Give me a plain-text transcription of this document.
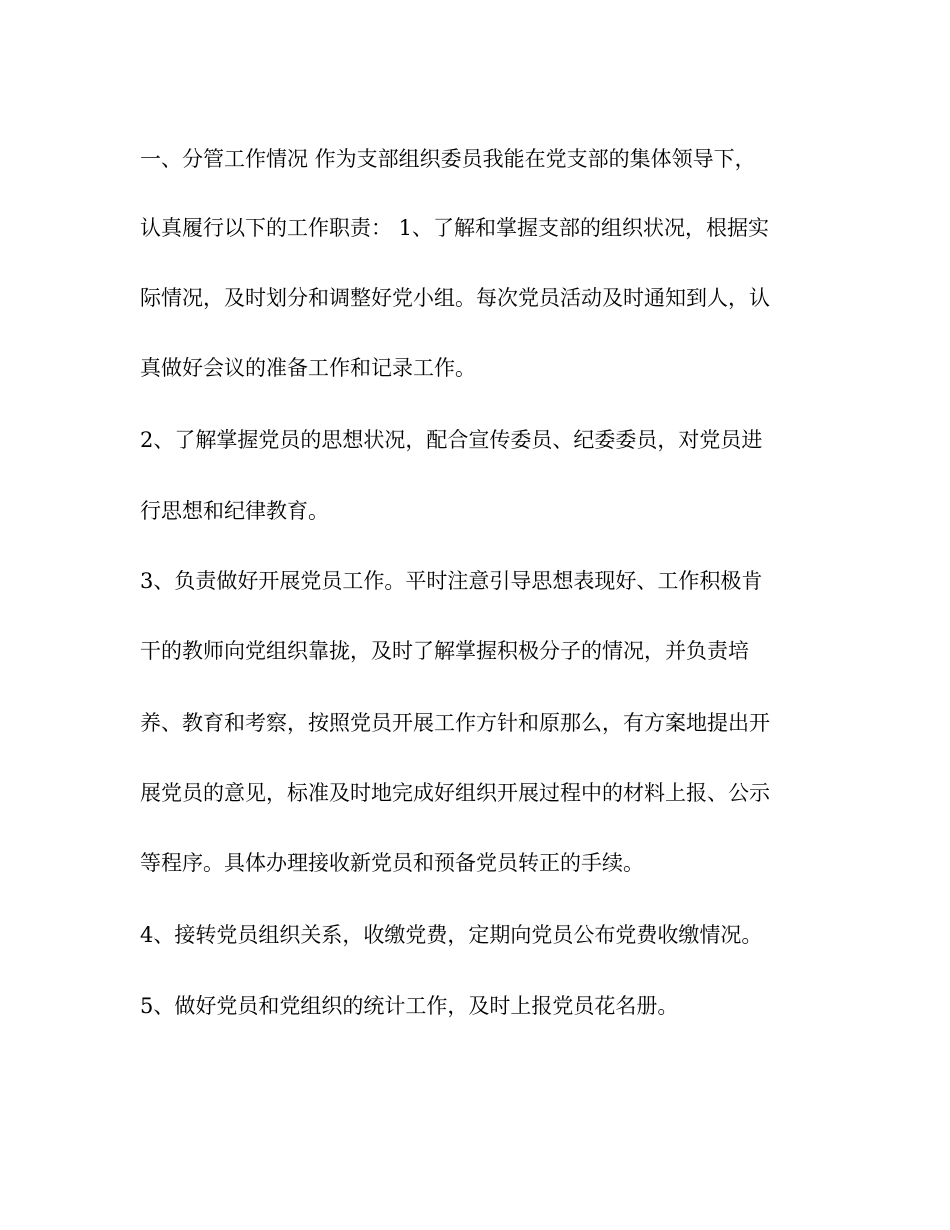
一、分管工作情况 作为支部组织委员我能在党支部的集体领导下，
认真履行以下的工作职责： 1、了解和掌握支部的组织状况，根据实
际情况，及时划分和调整好党小组。每次党员活动及时通知到人，认
真做好会议的准备工作和记录工作。
2、了解掌握党员的思想状况，配合宣传委员、纪委委员，对党员进
行思想和纪律教育。
3、负责做好开展党员工作。平时注意引导思想表现好、工作积极肯
干的教师向党组织靠拢，及时了解掌握积极分子的情况，并负责培
养、教育和考察，按照党员开展工作方针和原那么，有方案地提出开
展党员的意见，标准及时地完成好组织开展过程中的材料上报、公示
等程序。具体办理接收新党员和预备党员转正的手续。
4、接转党员组织关系，收缴党费，定期向党员公布党费收缴情况。
5、做好党员和党组织的统计工作，及时上报党员花名册。
